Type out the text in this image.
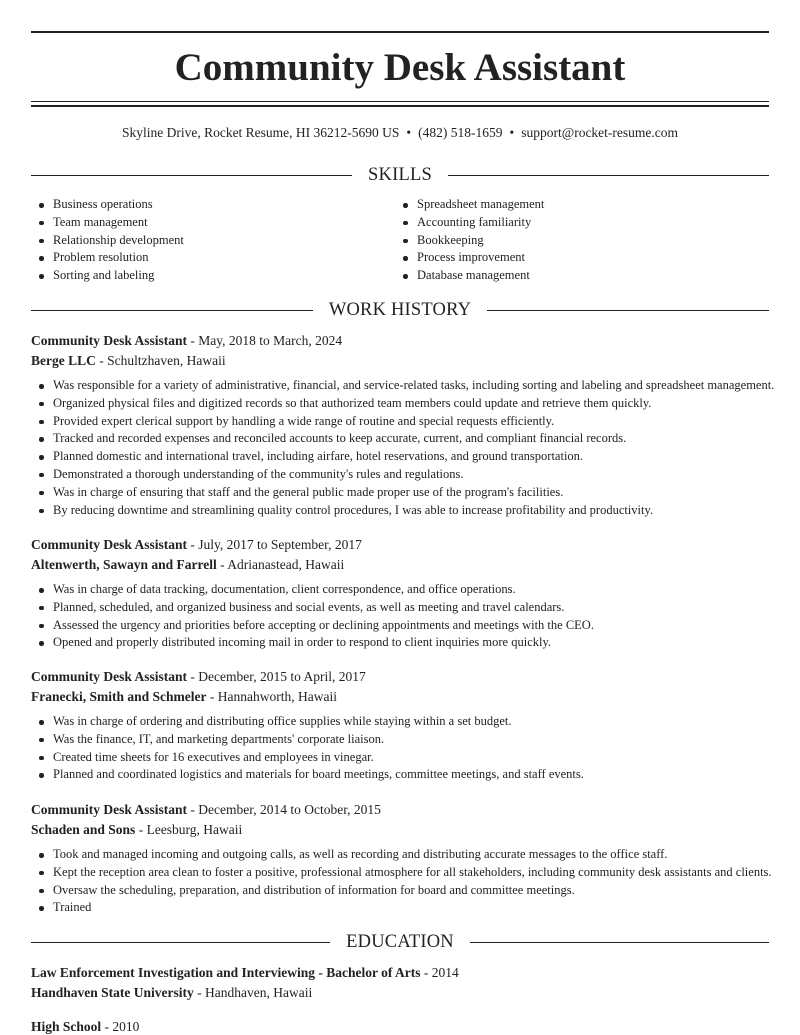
Community Desk Assistant
Skyline Drive, Rocket Resume, HI 36212-5690 US • (482) 518-1659 • support@rocket-resume.com
SKILLS
Business operations
Team management
Relationship development
Problem resolution
Sorting and labeling
Spreadsheet management
Accounting familiarity
Bookkeeping
Process improvement
Database management
WORK HISTORY
Community Desk Assistant - May, 2018 to March, 2024
Berge LLC - Schultzhaven, Hawaii
Was responsible for a variety of administrative, financial, and service-related tasks, including sorting and labeling and spreadsheet management.
Organized physical files and digitized records so that authorized team members could update and retrieve them quickly.
Provided expert clerical support by handling a wide range of routine and special requests efficiently.
Tracked and recorded expenses and reconciled accounts to keep accurate, current, and compliant financial records.
Planned domestic and international travel, including airfare, hotel reservations, and ground transportation.
Demonstrated a thorough understanding of the community's rules and regulations.
Was in charge of ensuring that staff and the general public made proper use of the program's facilities.
By reducing downtime and streamlining quality control procedures, I was able to increase profitability and productivity.
Community Desk Assistant - July, 2017 to September, 2017
Altenwerth, Sawayn and Farrell - Adrianastead, Hawaii
Was in charge of data tracking, documentation, client correspondence, and office operations.
Planned, scheduled, and organized business and social events, as well as meeting and travel calendars.
Assessed the urgency and priorities before accepting or declining appointments and meetings with the CEO.
Opened and properly distributed incoming mail in order to respond to client inquiries more quickly.
Community Desk Assistant - December, 2015 to April, 2017
Franecki, Smith and Schmeler - Hannahworth, Hawaii
Was in charge of ordering and distributing office supplies while staying within a set budget.
Was the finance, IT, and marketing departments' corporate liaison.
Created time sheets for 16 executives and employees in vinegar.
Planned and coordinated logistics and materials for board meetings, committee meetings, and staff events.
Community Desk Assistant - December, 2014 to October, 2015
Schaden and Sons - Leesburg, Hawaii
Took and managed incoming and outgoing calls, as well as recording and distributing accurate messages to the office staff.
Kept the reception area clean to foster a positive, professional atmosphere for all stakeholders, including community desk assistants and clients.
Oversaw the scheduling, preparation, and distribution of information for board and committee meetings.
Trained
EDUCATION
Law Enforcement Investigation and Interviewing - Bachelor of Arts - 2014
Handhaven State University - Handhaven, Hawaii
High School - 2010
